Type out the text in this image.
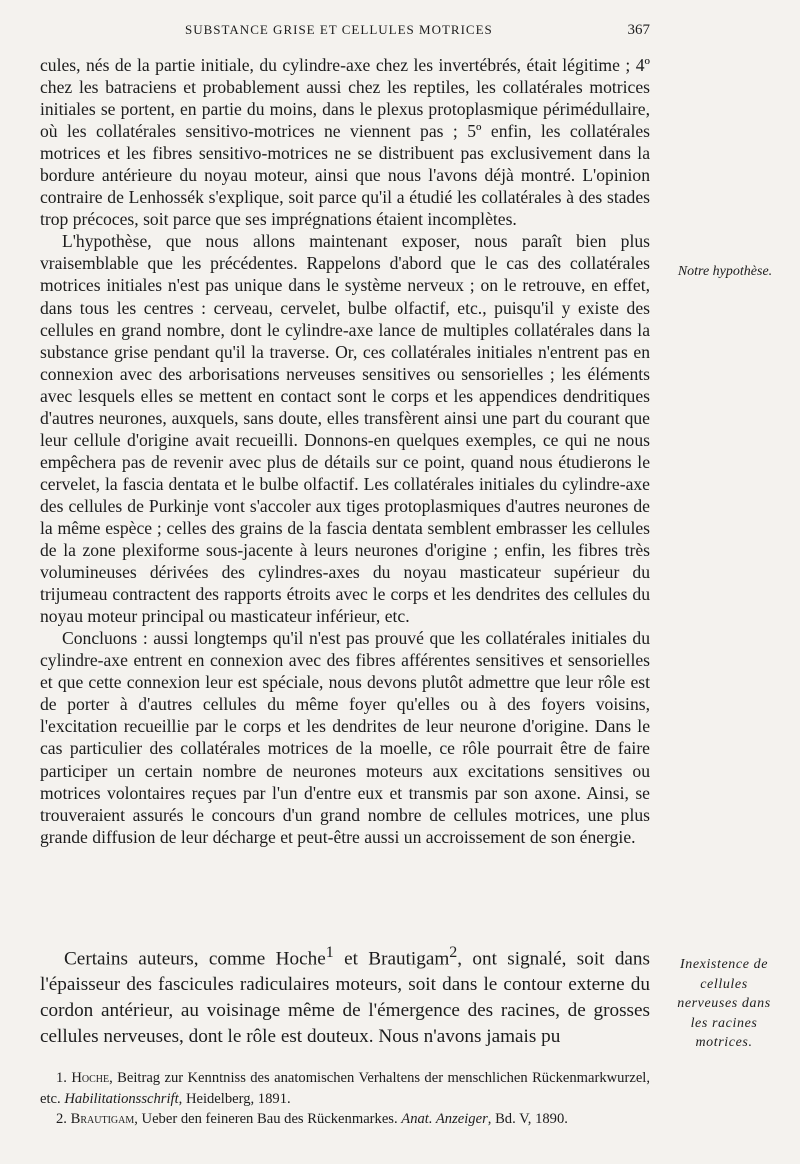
SUBSTANCE GRISE ET CELLULES MOTRICES	367

cules, nés de la partie initiale, du cylindre-axe chez les invertébrés, était légitime ; 4º chez les batraciens et probablement aussi chez les reptiles, les collatérales motrices initiales se portent, en partie du moins, dans le plexus protoplasmique périmédullaire, où les collatérales sensitivo-motrices ne viennent pas ; 5º enfin, les collatérales motrices et les fibres sensitivo-motrices ne se distribuent pas exclusivement dans la bordure antérieure du noyau moteur, ainsi que nous l'avons déjà montré. L'opinion contraire de Lenhossék s'explique, soit parce qu'il a étudié les collatérales à des stades trop précoces, soit parce que ses imprégnations étaient incomplètes.

L'hypothèse, que nous allons maintenant exposer, nous paraît bien plus vraisemblable que les précédentes. Rappelons d'abord que le cas des collatérales motrices initiales n'est pas unique dans le système nerveux ; on le retrouve, en effet, dans tous les centres : cerveau, cervelet, bulbe olfactif, etc., puisqu'il y existe des cellules en grand nombre, dont le cylindre-axe lance de multiples collatérales dans la substance grise pendant qu'il la traverse. Or, ces collatérales initiales n'entrent pas en connexion avec des arborisations nerveuses sensitives ou sensorielles ; les éléments avec lesquels elles se mettent en contact sont le corps et les appendices dendritiques d'autres neurones, auxquels, sans doute, elles transfèrent ainsi une part du courant que leur cellule d'origine avait recueilli. Donnons-en quelques exemples, ce qui ne nous empêchera pas de revenir avec plus de détails sur ce point, quand nous étudierons le cervelet, la fascia dentata et le bulbe olfactif. Les collatérales initiales du cylindre-axe des cellules de Purkinje vont s'accoler aux tiges protoplasmiques d'autres neurones de la même espèce ; celles des grains de la fascia dentata semblent embrasser les cellules de la zone plexiforme sous-jacente à leurs neurones d'origine ; enfin, les fibres très volumineuses dérivées des cylindres-axes du noyau masticateur supérieur du trijumeau contractent des rapports étroits avec le corps et les dendrites des cellules du noyau moteur principal ou masticateur inférieur, etc.

Concluons : aussi longtemps qu'il n'est pas prouvé que les collatérales initiales du cylindre-axe entrent en connexion avec des fibres afférentes sensitives et sensorielles et que cette connexion leur est spéciale, nous devons plutôt admettre que leur rôle est de porter à d'autres cellules du même foyer qu'elles ou à des foyers voisins, l'excitation recueillie par le corps et les dendrites de leur neurone d'origine. Dans le cas particulier des collatérales motrices de la moelle, ce rôle pourrait être de faire participer un certain nombre de neurones moteurs aux excitations sensitives ou motrices volontaires reçues par l'un d'entre eux et transmis par son axone. Ainsi, se trouveraient assurés le concours d'un grand nombre de cellules motrices, une plus grande diffusion de leur décharge et peut-être aussi un accroissement de son énergie.

Certains auteurs, comme Hoche$^1$ et Brautigam$^2$, ont signalé, soit dans l'épaisseur des fascicules radiculaires moteurs, soit dans le contour externe du cordon antérieur, au voisinage même de l'émergence des racines, de grosses cellules nerveuses, dont le rôle est douteux. Nous n'avons jamais pu

Notre hypothèse.
Inexistence de cellules nerveuses dans les racines motrices.

1. Hoche, Beitrag zur Kenntniss des anatomischen Verhaltens der menschlichen Rückenmarkwurzel, etc. Habilitationsschrift, Heidelberg, 1891.

2. Brautigam, Ueber den feineren Bau des Rückenmarkes. Anat. Anzeiger, Bd. V, 1890.
